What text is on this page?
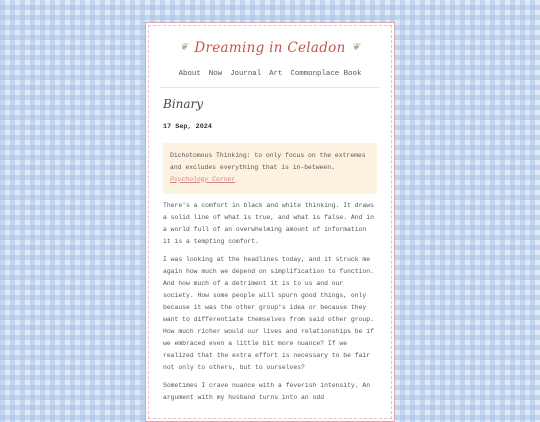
❦ Dreaming in Celadon ❦
About Now Journal Art Commonplace Book
Binary
17 Sep, 2024
Dichotomous Thinking: to only focus on the extremes and excludes everything that is in-between.
Psychology Corner
There's a comfort in black and white thinking. It draws a solid line of what is true, and what is false. And in a world full of an overwhelming amount of information it is a tempting comfort.
I was looking at the headlines today, and it struck me again how much we depend on simplification to function. And how much of a detriment it is to us and our society. How some people will spurn good things, only because it was the other group's idea or because they want to differentiate themselves from said other group. How much richer would our lives and relationships be if we embraced even a little bit more nuance? If we realized that the extra effort is necessary to be fair not only to others, but to ourselves?
Sometimes I crave nuance with a feverish intensity. An argument with my husband turns into an odd
